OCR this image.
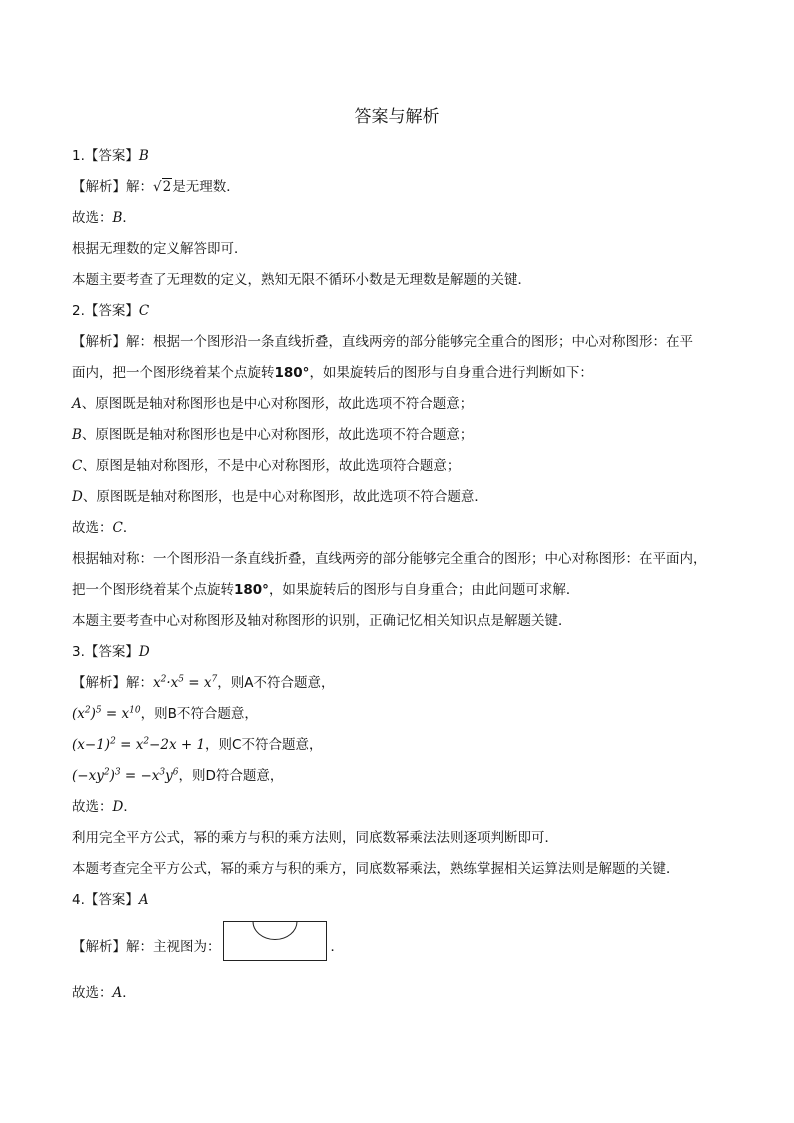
答案与解析
1.【答案】B
【解析】解：√2是无理数．
故选：B．
根据无理数的定义解答即可．
本题主要考查了无理数的定义，熟知无限不循环小数是无理数是解题的关键．
2.【答案】C
【解析】解：根据一个图形沿一条直线折叠，直线两旁的部分能够完全重合的图形；中心对称图形：在平
面内，把一个图形绕着某个点旋转180°，如果旋转后的图形与自身重合进行判断如下：
A、原图既是轴对称图形也是中心对称图形，故此选项不符合题意；
B、原图既是轴对称图形也是中心对称图形，故此选项不符合题意；
C、原图是轴对称图形，不是中心对称图形，故此选项符合题意；
D、原图既是轴对称图形，也是中心对称图形，故此选项不符合题意．
故选：C．
根据轴对称：一个图形沿一条直线折叠，直线两旁的部分能够完全重合的图形；中心对称图形：在平面内，
把一个图形绕着某个点旋转180°，如果旋转后的图形与自身重合；由此问题可求解．
本题主要考查中心对称图形及轴对称图形的识别，正确记忆相关知识点是解题关键．
3.【答案】D
【解析】解：$x^2\cdot x^5 = x^7$，则A不符合题意，
$(x^2)^5 = x^{10}$，则B不符合题意，
$(x-1)^2 = x^2-2x + 1$，则C不符合题意，
$(-xy^2)^3 = -x^3y^6$，则D符合题意，
故选：D．
利用完全平方公式，幂的乘方与积的乘方法则，同底数幂乘法法则逐项判断即可．
本题考查完全平方公式，幂的乘方与积的乘方，同底数幂乘法，熟练掌握相关运算法则是解题的关键．
4.【答案】A
【解析】 解：主视图为：	．
故选：A．
